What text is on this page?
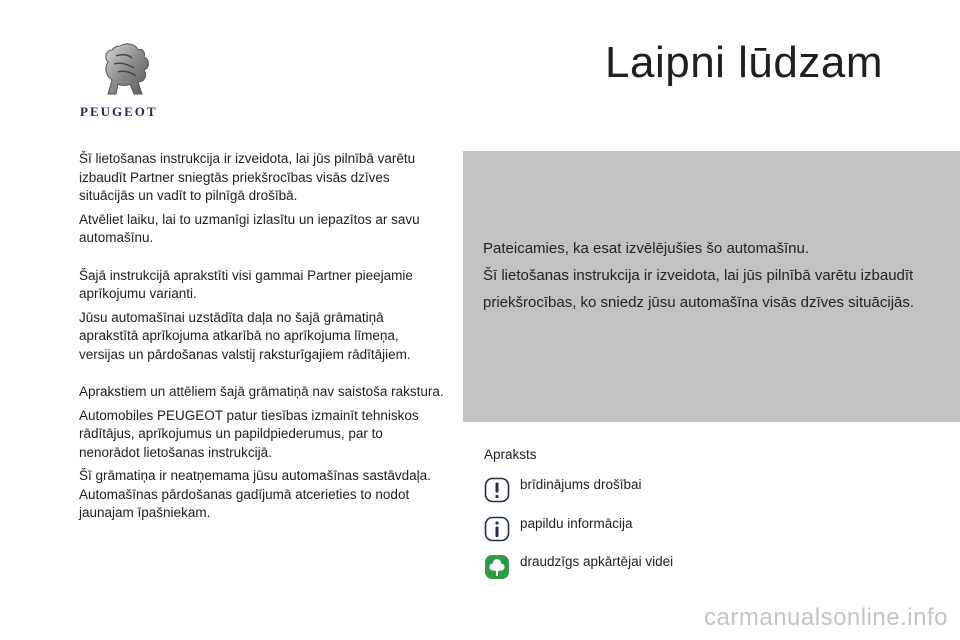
PEUGEOT
Laipni lūdzam

Šī lietošanas instrukcija ir izveidota, lai jūs pilnībā varētu izbaudīt Partner sniegtās priekšrocības visās dzīves situācijās un vadīt to pilnīgā drošībā.

Atvēliet laiku, lai to uzmanīgi izlasītu un iepazītos ar savu automašīnu.

Šajā instrukcijā aprakstīti visi gammai Partner pieejamie aprīkojumu varianti.

Jūsu automašīnai uzstādīta daļa no šajā grāmatiņā aprakstītā aprīkojuma atkarībā no aprīkojuma līmeņa, versijas un pārdošanas valstij raksturīgajiem rādītājiem.

Aprakstiem un attēliem šajā grāmatiņā nav saistoša rakstura.

Automobiles PEUGEOT patur tiesības izmainīt tehniskos rādītājus, aprīkojumus un papildpiederumus, par to nenorādot lietošanas instrukcijā.

Šī grāmatiņa ir neatņemama jūsu automašīnas sastāvdaļa. Automašīnas pārdošanas gadījumā atcerieties to nodot jaunajam īpašniekam.

Pateicamies, ka esat izvēlējušies šo automašīnu.

Šī lietošanas instrukcija ir izveidota, lai jūs pilnībā varētu izbaudīt priekšrocības, ko sniedz jūsu automašīna visās dzīves situācijās.

Apraksts
brīdinājums drošībai
papildu informācija
draudzīgs apkārtējai videi
carmanualsonline.info
